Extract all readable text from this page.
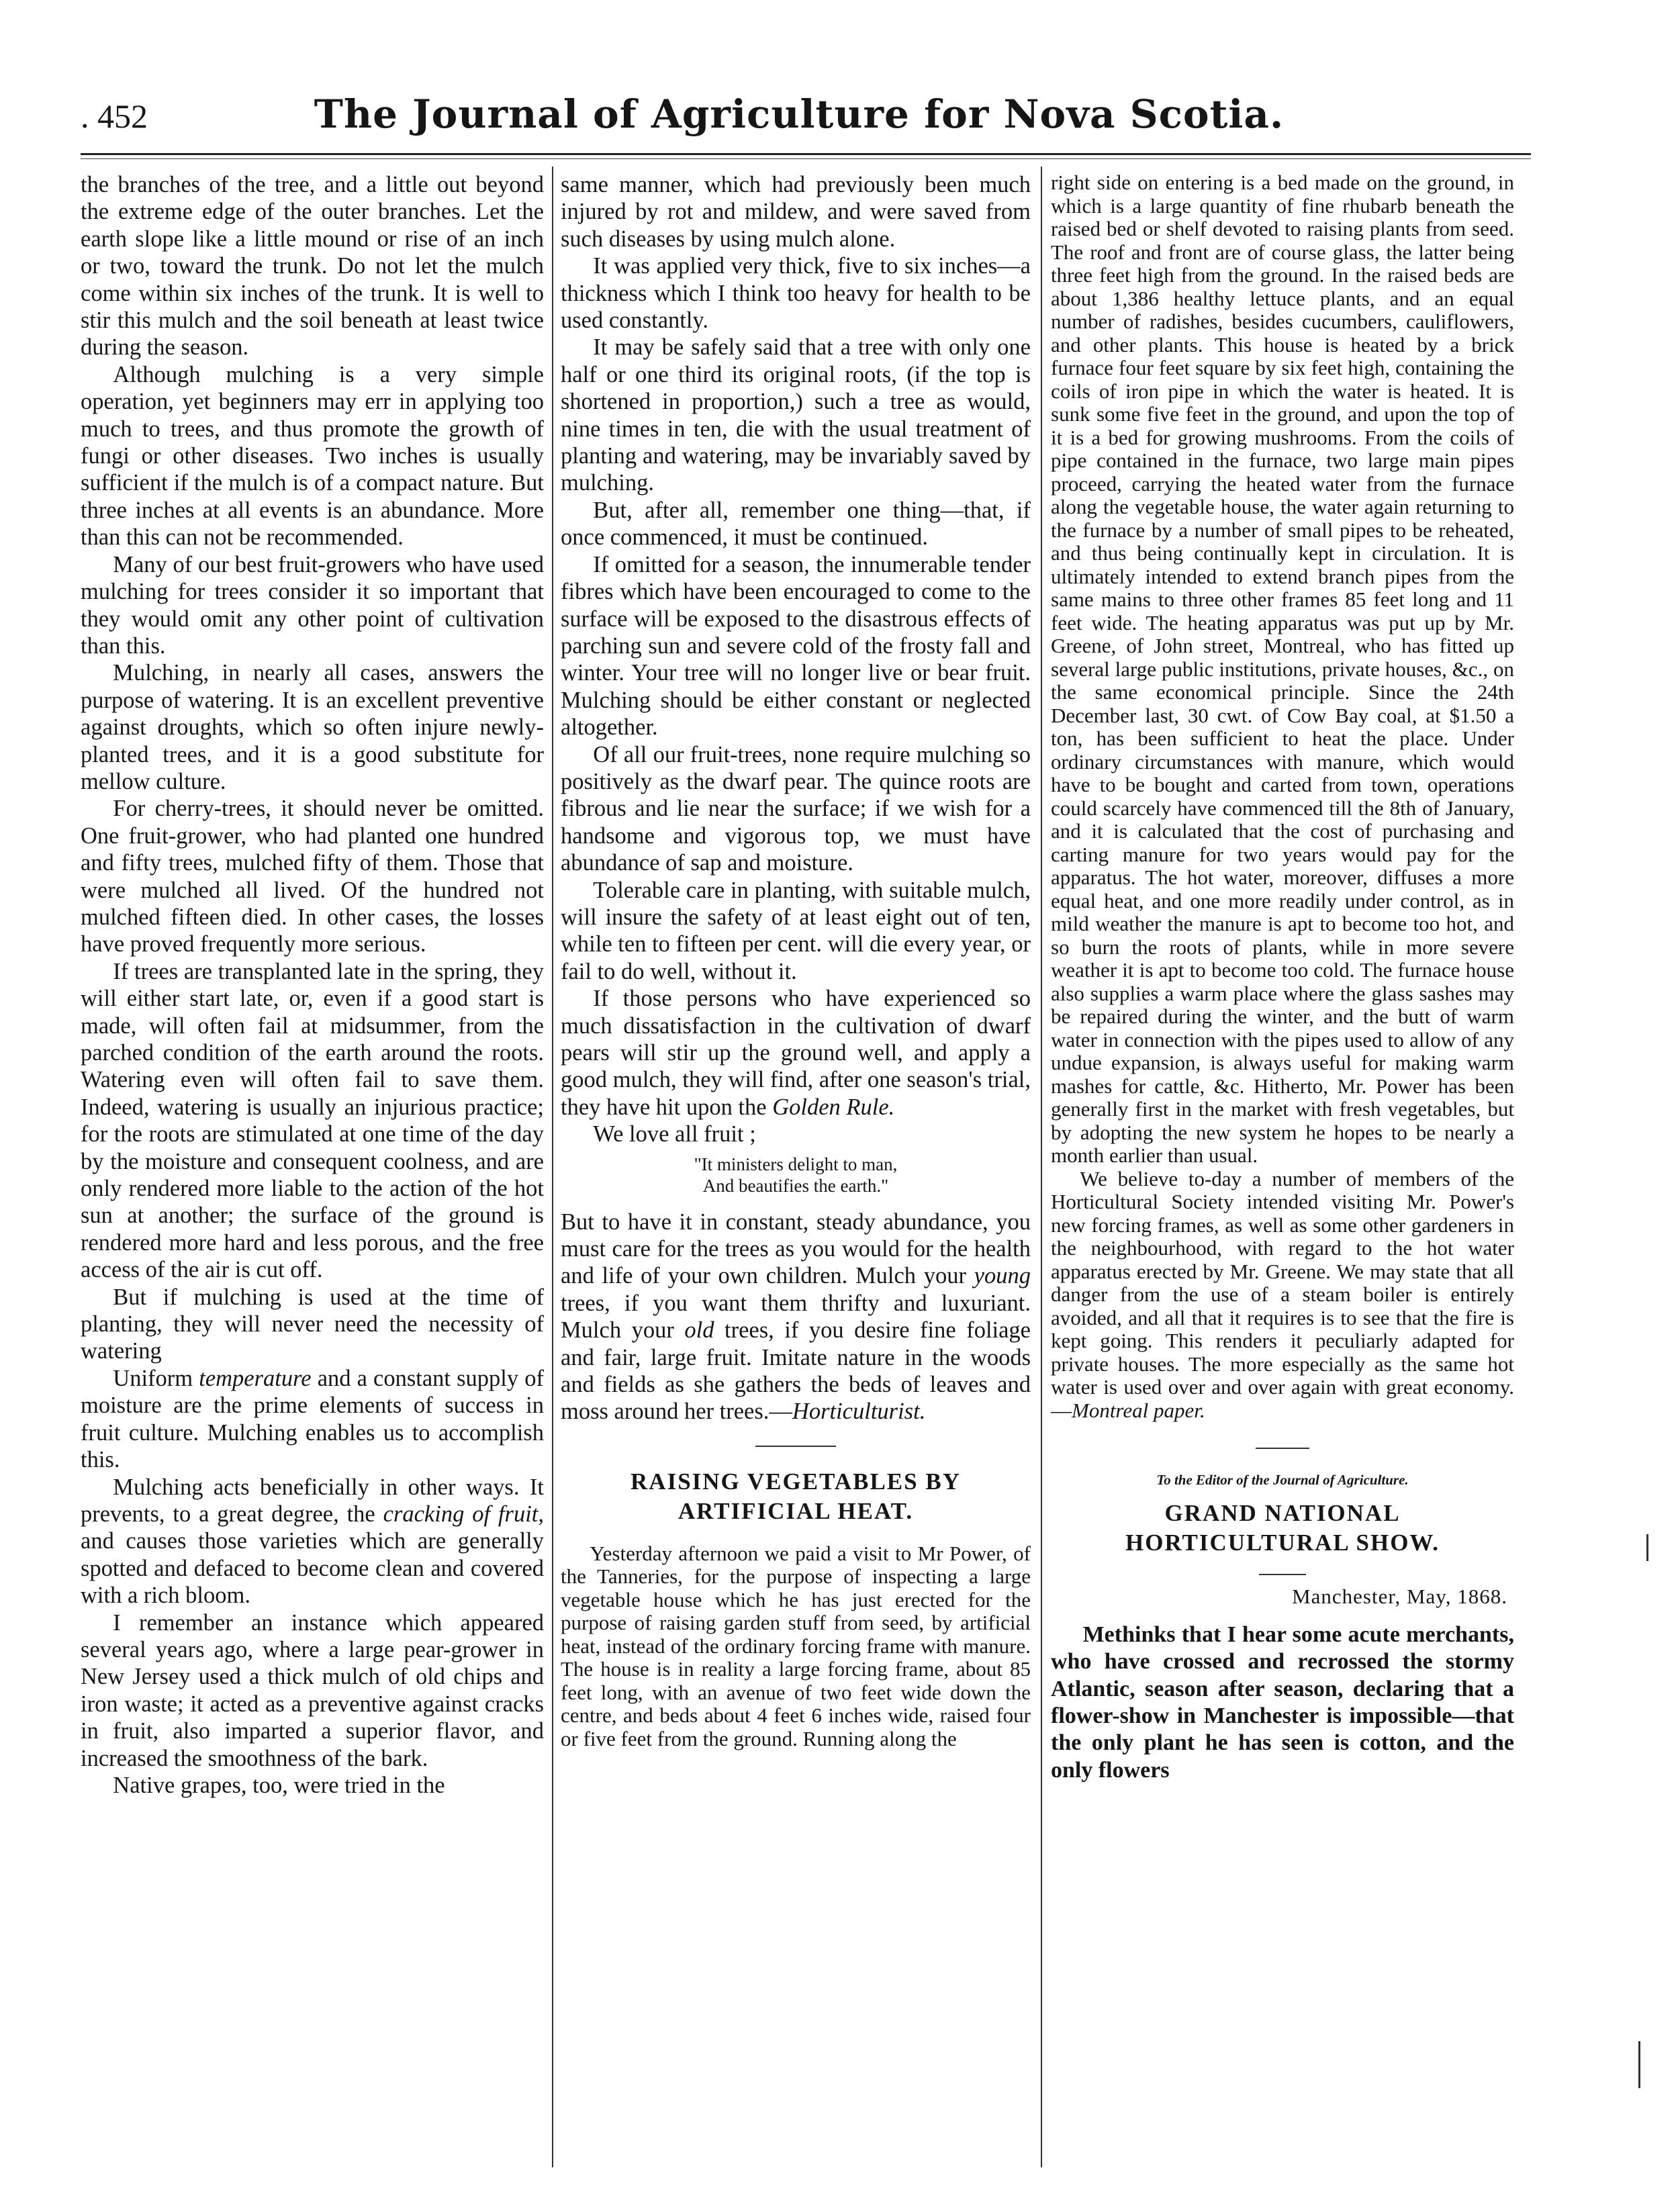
. 452	The Journal of Agriculture for Nova Scotia.

the branches of the tree, and a little out beyond the extreme edge of the outer branches. Let the earth slope like a little mound or rise of an inch or two, toward the trunk. Do not let the mulch come within six inches of the trunk. It is well to stir this mulch and the soil beneath at least twice during the season.

Although mulching is a very simple operation, yet beginners may err in applying too much to trees, and thus promote the growth of fungi or other diseases. Two inches is usually sufficient if the mulch is of a compact nature. But three inches at all events is an abundance. More than this can not be recommended.

Many of our best fruit-growers who have used mulching for trees consider it so important that they would omit any other point of cultivation than this.

Mulching, in nearly all cases, answers the purpose of watering. It is an excellent preventive against droughts, which so often injure newly-planted trees, and it is a good substitute for mellow culture.

For cherry-trees, it should never be omitted. One fruit-grower, who had planted one hundred and fifty trees, mulched fifty of them. Those that were mulched all lived. Of the hundred not mulched fifteen died. In other cases, the losses have proved frequently more serious.

If trees are transplanted late in the spring, they will either start late, or, even if a good start is made, will often fail at midsummer, from the parched condition of the earth around the roots. Watering even will often fail to save them. Indeed, watering is usually an injurious practice; for the roots are stimulated at one time of the day by the moisture and consequent coolness, and are only rendered more liable to the action of the hot sun at another; the surface of the ground is rendered more hard and less porous, and the free access of the air is cut off.

But if mulching is used at the time of planting, they will never need the necessity of watering

Uniform temperature and a constant supply of moisture are the prime elements of success in fruit culture. Mulching enables us to accomplish this.

Mulching acts beneficially in other ways. It prevents, to a great degree, the cracking of fruit, and causes those varieties which are generally spotted and defaced to become clean and covered with a rich bloom.

I remember an instance which appeared several years ago, where a large pear-grower in New Jersey used a thick mulch of old chips and iron waste; it acted as a preventive against cracks in fruit, also imparted a superior flavor, and increased the smoothness of the bark.

Native grapes, too, were tried in the

same manner, which had previously been much injured by rot and mildew, and were saved from such diseases by using mulch alone.

It was applied very thick, five to six inches—a thickness which I think too heavy for health to be used constantly.

It may be safely said that a tree with only one half or one third its original roots, (if the top is shortened in proportion,) such a tree as would, nine times in ten, die with the usual treatment of planting and watering, may be invariably saved by mulching.

But, after all, remember one thing—that, if once commenced, it must be continued.

If omitted for a season, the innumerable tender fibres which have been encouraged to come to the surface will be exposed to the disastrous effects of parching sun and severe cold of the frosty fall and winter. Your tree will no longer live or bear fruit. Mulching should be either constant or neglected altogether.

Of all our fruit-trees, none require mulching so positively as the dwarf pear. The quince roots are fibrous and lie near the surface; if we wish for a handsome and vigorous top, we must have abundance of sap and moisture.

Tolerable care in planting, with suitable mulch, will insure the safety of at least eight out of ten, while ten to fifteen per cent. will die every year, or fail to do well, without it.

If those persons who have experienced so much dissatisfaction in the cultivation of dwarf pears will stir up the ground well, and apply a good mulch, they will find, after one season's trial, they have hit upon the Golden Rule.

We love all fruit ;

"It ministers delight to man,
And beautifies the earth."

But to have it in constant, steady abundance, you must care for the trees as you would for the health and life of your own children. Mulch your young trees, if you want them thrifty and luxuriant. Mulch your old trees, if you desire fine foliage and fair, large fruit. Imitate nature in the woods and fields as she gathers the beds of leaves and moss around her trees.—Horticulturist.

RAISING VEGETABLES BY ARTIFICIAL HEAT.

Yesterday afternoon we paid a visit to Mr Power, of the Tanneries, for the purpose of inspecting a large vegetable house which he has just erected for the purpose of raising garden stuff from seed, by artificial heat, instead of the ordinary forcing frame with manure. The house is in reality a large forcing frame, about 85 feet long, with an avenue of two feet wide down the centre, and beds about 4 feet 6 inches wide, raised four or five feet from the ground. Running along the

right side on entering is a bed made on the ground, in which is a large quantity of fine rhubarb beneath the raised bed or shelf devoted to raising plants from seed. The roof and front are of course glass, the latter being three feet high from the ground. In the raised beds are about 1,386 healthy lettuce plants, and an equal number of radishes, besides cucumbers, cauliflowers, and other plants. This house is heated by a brick furnace four feet square by six feet high, containing the coils of iron pipe in which the water is heated. It is sunk some five feet in the ground, and upon the top of it is a bed for growing mushrooms. From the coils of pipe contained in the furnace, two large main pipes proceed, carrying the heated water from the furnace along the vegetable house, the water again returning to the furnace by a number of small pipes to be reheated, and thus being continually kept in circulation. It is ultimately intended to extend branch pipes from the same mains to three other frames 85 feet long and 11 feet wide. The heating apparatus was put up by Mr. Greene, of John street, Montreal, who has fitted up several large public institutions, private houses, &c., on the same economical principle. Since the 24th December last, 30 cwt. of Cow Bay coal, at $1.50 a ton, has been sufficient to heat the place. Under ordinary circumstances with manure, which would have to be bought and carted from town, operations could scarcely have commenced till the 8th of January, and it is calculated that the cost of purchasing and carting manure for two years would pay for the apparatus. The hot water, moreover, diffuses a more equal heat, and one more readily under control, as in mild weather the manure is apt to become too hot, and so burn the roots of plants, while in more severe weather it is apt to become too cold. The furnace house also supplies a warm place where the glass sashes may be repaired during the winter, and the butt of warm water in connection with the pipes used to allow of any undue expansion, is always useful for making warm mashes for cattle, &c. Hitherto, Mr. Power has been generally first in the market with fresh vegetables, but by adopting the new system he hopes to be nearly a month earlier than usual.

We believe to-day a number of members of the Horticultural Society intended visiting Mr. Power's new forcing frames, as well as some other gardeners in the neighbourhood, with regard to the hot water apparatus erected by Mr. Greene. We may state that all danger from the use of a steam boiler is entirely avoided, and all that it requires is to see that the fire is kept going. This renders it peculiarly adapted for private houses. The more especially as the same hot water is used over and over again with great economy.—Montreal paper.

To the Editor of the Journal of Agriculture.
GRAND NATIONAL HORTICULTURAL SHOW.
Manchester, May, 1868.

Methinks that I hear some acute merchants, who have crossed and recrossed the stormy Atlantic, season after season, declaring that a flower-show in Manchester is impossible—that the only plant he has seen is cotton, and the only flowers
